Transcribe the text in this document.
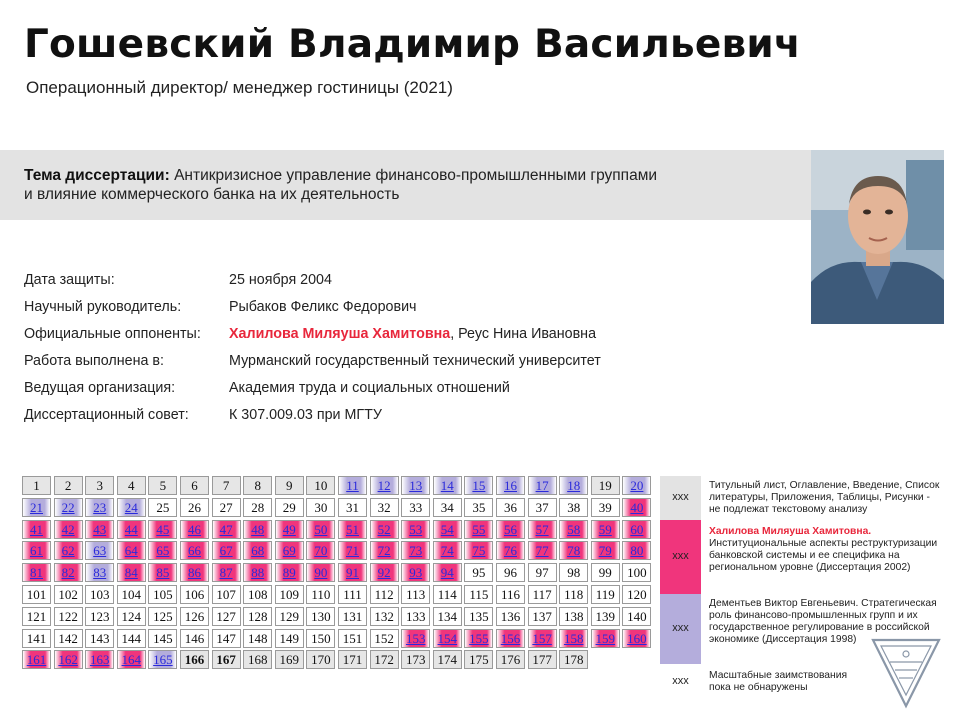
Гошевский Владимир Васильевич
Операционный директор/ менеджер гостиницы (2021)
Тема диссертации: Антикризисное управление финансово-промышленными группами
и влияние коммерческого банка на их деятельность
Дата защиты:	25 ноября 2004
Научный руководитель:	Рыбаков Феликс Федорович
Официальные оппоненты:	Халилова Миляуша Хамитовна, Реус Нина Ивановна
Работа выполнена в:	Мурманский государственный технический университет
Ведущая организация:	Академия труда и социальных отношений
Диссертационный совет:	К 307.009.03 при МГТУ
1	2	3	4	5	6	7	8	9	10	11	12	13	14	15	16	17	18	19	20
21	22	23	24	25	26	27	28	29	30	31	32	33	34	35	36	37	38	39	40
41	42	43	44	45	46	47	48	49	50	51	52	53	54	55	56	57	58	59	60
61	62	63	64	65	66	67	68	69	70	71	72	73	74	75	76	77	78	79	80
81	82	83	84	85	86	87	88	89	90	91	92	93	94	95	96	97	98	99	100
101 102 103 104 105 106 107 108 109 110 111 112 113 114 115 116 117 118 119 120
121 122 123 124 125 126 127 128 129 130 131 132 133 134 135 136 137 138 139 140
141 142 143 144 145 146 147 148 149 150 151 152 153 154 155 156 157 158 159 160
161 162 163 164 165 166 167 168 169 170 171 172 173 174 175 176 177 178
ххх
Титульный лист, Оглавление, Введение, Список литературы, Приложения, Таблицы, Рисунки - не подлежат текстовому анализу
ххх
Халилова Миляуша Хамитовна. Институциональные аспекты реструктуризации банковской системы и ее специфика на региональном уровне (Диссертация 2002)
ххх
Дементьев Виктор Евгеньевич. Стратегическая роль финансово-промышленных групп и их государственное регулирование в российской экономике (Диссертация 1998)
ххх	Масштабные заимствования пока не обнаружены
